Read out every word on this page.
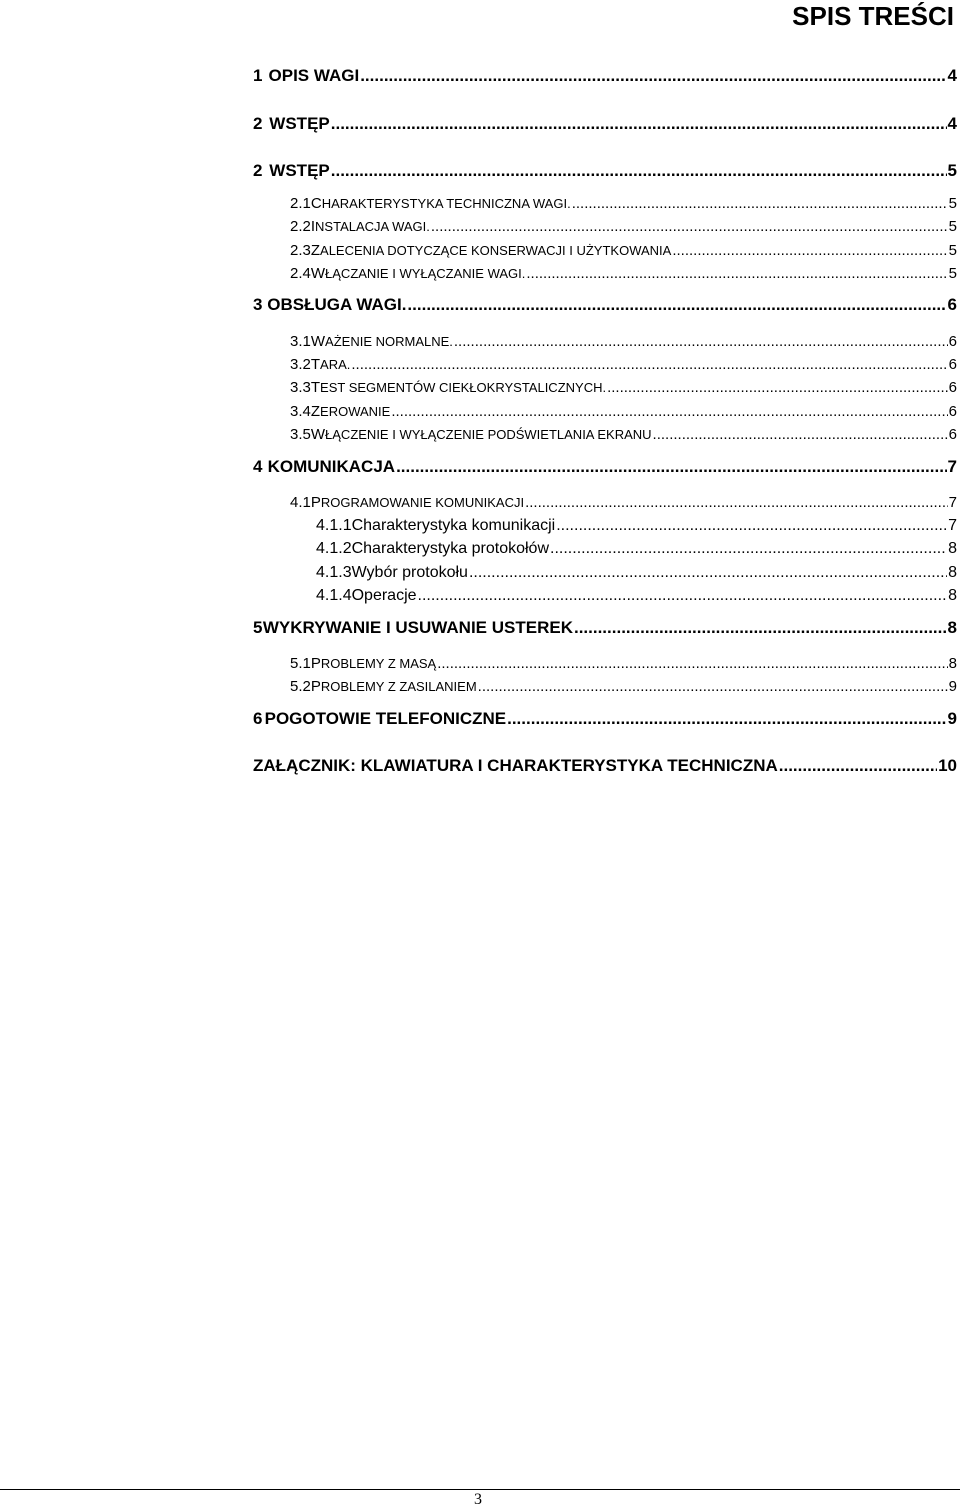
SPIS TREŚCI
1 OPIS WAGI .....	4
2 WSTĘP .....	4
2 WSTĘP .....	5
2.1 CHARAKTERYSTYKA TECHNICZNA WAGI. .....	5
2.2 INSTALACJA WAGI. .....	5
2.3 ZALECENIA DOTYCZĄCE KONSERWACJI I UŻYTKOWANIA .....	5
2.4 WŁĄCZANIE I WYŁĄCZANIE WAGI. .....	5
3 OBSŁUGA WAGI. .....	6
3.1 WAŻENIE NORMALNE. .....	6
3.2 TARA. .....	6
3.3 TEST SEGMENTÓW CIEKŁOKRYSTALICZNYCH. .....	6
3.4 ZEROWANIE .....	6
3.5 WŁĄCZENIE I WYŁĄCZENIE PODŚWIETLANIA EKRANU .....	6
4 KOMUNIKACJA .....	7
4.1 PROGRAMOWANIE KOMUNIKACJI .....	7
4.1.1 Charakterystyka komunikacji .....	7
4.1.2 Charakterystyka protokołów .....	8
4.1.3 Wybór protokołu .....	8
4.1.4 Operacje .....	8
5 WYKRYWANIE I USUWANIE USTEREK .....	8
5.1 PROBLEMY Z MASĄ .....	8
5.2 PROBLEMY Z ZASILANIEM .....	9
6 POGOTOWIE TELEFONICZNE .....	9
ZAŁĄCZNIK: KLAWIATURA I CHARAKTERYSTYKA TECHNICZNA .....	10
3
